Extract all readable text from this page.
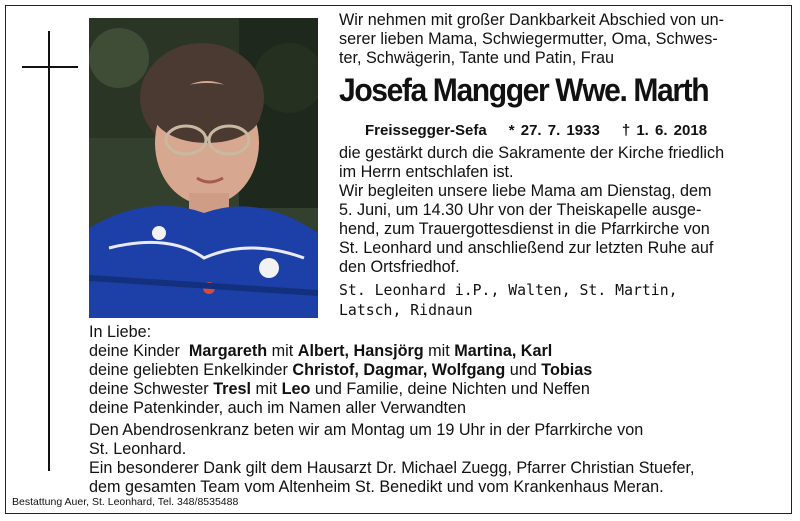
Wir nehmen mit großer Dankbarkeit Abschied von un-
serer lieben Mama, Schwiegermutter, Oma, Schwes-
ter, Schwägerin, Tante und Patin, Frau

Josefa Mangger Wwe. Marth

Freissegger-Sefa * 27. 7. 1933 † 1. 6. 2018

die gestärkt durch die Sakramente der Kirche friedlich
im Herrn entschlafen ist.

Wir begleiten unsere liebe Mama am Dienstag, dem
5. Juni, um 14.30 Uhr von der Theiskapelle ausge-
hend, zum Trauergottesdienst in die Pfarrkirche von
St. Leonhard und anschließend zur letzten Ruhe auf
den Ortsfriedhof.

St. Leonhard i.P., Walten, St. Martin,
Latsch, Ridnaun

In Liebe:

deine Kinder Margareth mit Albert, Hansjörg mit Martina, Karl
deine geliebten Enkelkinder Christof, Dagmar, Wolfgang und Tobias
deine Schwester Tresl mit Leo und Familie, deine Nichten und Neffen
deine Patenkinder, auch im Namen aller Verwandten

Den Abendrosenkranz beten wir am Montag um 19 Uhr in der Pfarrkirche von
St. Leonhard.

Ein besonderer Dank gilt dem Hausarzt Dr. Michael Zuegg, Pfarrer Christian Stuefer,
dem gesamten Team vom Altenheim St. Benedikt und vom Krankenhaus Meran.

Bestattung Auer, St. Leonhard, Tel. 348/8535488
